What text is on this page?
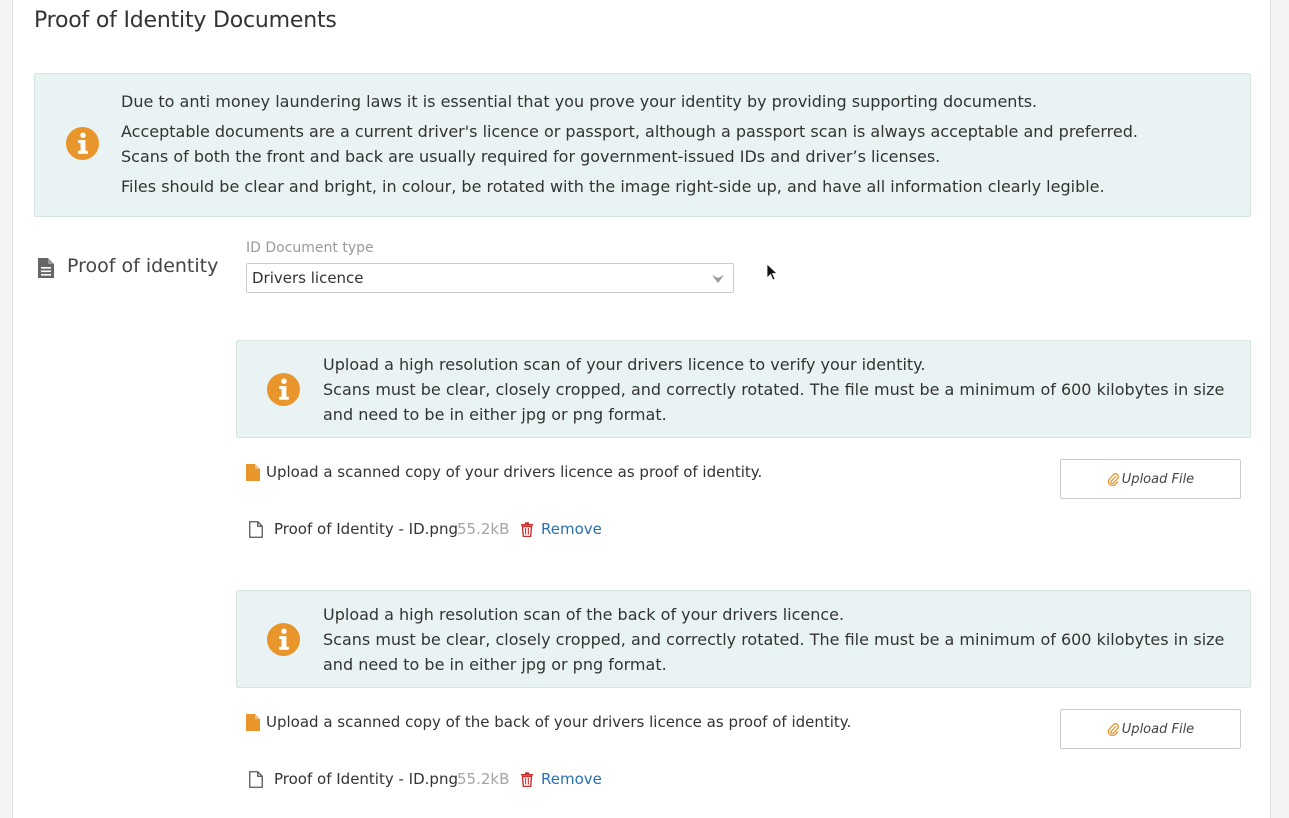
Proof of Identity Documents

Due to anti money laundering laws it is essential that you prove your identity by providing supporting documents.

Acceptable documents are a current driver's licence or passport, although a passport scan is always acceptable and preferred.

Scans of both the front and back are usually required for government-issued IDs and driver’s licenses.

Files should be clear and bright, in colour, be rotated with the image right-side up, and have all information clearly legible.

Proof of identity
ID Document type
Drivers licence

Upload a high resolution scan of your drivers licence to verify your identity.

Scans must be clear, closely cropped, and correctly rotated. The file must be a minimum of 600 kilobytes in size and need to be in either jpg or png format.

Upload a scanned copy of your drivers licence as proof of identity.	Upload File
Proof of Identity - ID.png 55.2kB Remove

Upload a high resolution scan of the back of your drivers licence.

Scans must be clear, closely cropped, and correctly rotated. The file must be a minimum of 600 kilobytes in size and need to be in either jpg or png format.

Upload a scanned copy of the back of your drivers licence as proof of identity.	Upload File
Proof of Identity - ID.png 55.2kB Remove
